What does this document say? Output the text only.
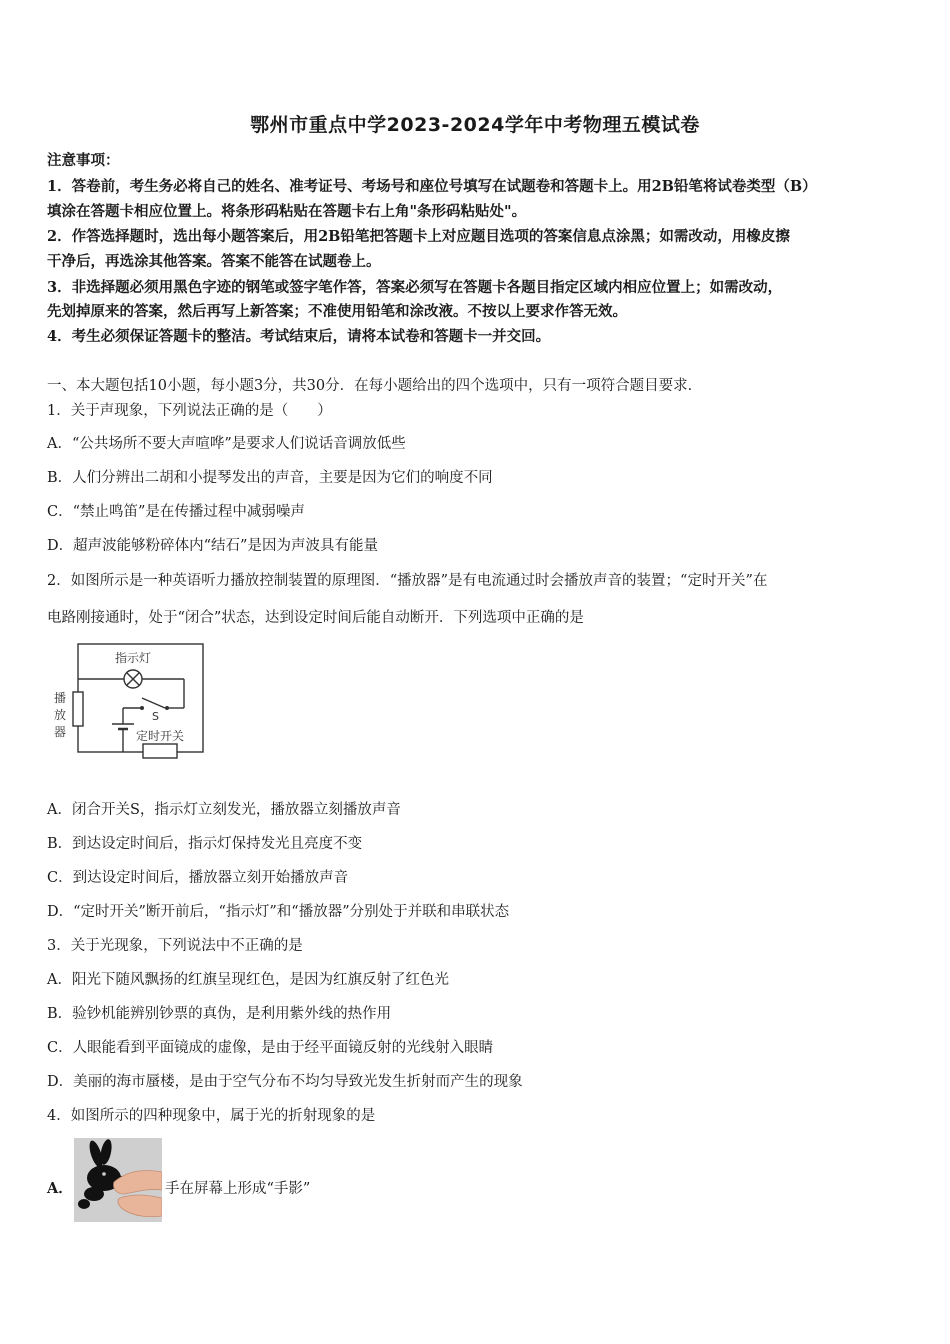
鄂州市重点中学2023-2024学年中考物理五模试卷
注意事项：
1．答卷前，考生务必将自己的姓名、准考证号、考场号和座位号填写在试题卷和答题卡上。用2B铅笔将试卷类型（B）
填涂在答题卡相应位置上。将条形码粘贴在答题卡右上角"条形码粘贴处"。
2．作答选择题时，选出每小题答案后，用2B铅笔把答题卡上对应题目选项的答案信息点涂黑；如需改动，用橡皮擦
干净后，再选涂其他答案。答案不能答在试题卷上。
3．非选择题必须用黑色字迹的钢笔或签字笔作答，答案必须写在答题卡各题目指定区域内相应位置上；如需改动，
先划掉原来的答案，然后再写上新答案；不准使用铅笔和涂改液。不按以上要求作答无效。
4．考生必须保证答题卡的整洁。考试结束后，请将本试卷和答题卡一并交回。
一、本大题包括10小题，每小题3分，共30分．在每小题给出的四个选项中，只有一项符合题目要求．
1．关于声现象，下列说法正确的是（　　）
A．“公共场所不要大声喧哗”是要求人们说话音调放低些
B．人们分辨出二胡和小提琴发出的声音，主要是因为它们的响度不同
C．“禁止鸣笛”是在传播过程中减弱噪声
D．超声波能够粉碎体内“结石”是因为声波具有能量
2．如图所示是一种英语听力播放控制装置的原理图．“播放器”是有电流通过时会播放声音的装置；“定时开关”在
电路刚接通时，处于“闭合”状态，达到设定时间后能自动断开．下列选项中正确的是
指示灯
播
放
器
S
定时开关
A．闭合开关S，指示灯立刻发光，播放器立刻播放声音
B．到达设定时间后，指示灯保持发光且亮度不变
C．到达设定时间后，播放器立刻开始播放声音
D．“定时开关”断开前后，“指示灯”和“播放器”分别处于并联和串联状态
3．关于光现象，下列说法中不正确的是
A．阳光下随风飘扬的红旗呈现红色，是因为红旗反射了红色光
B．验钞机能辨别钞票的真伪，是利用紫外线的热作用
C．人眼能看到平面镜成的虚像，是由于经平面镜反射的光线射入眼睛
D．美丽的海市蜃楼，是由于空气分布不均匀导致光发生折射而产生的现象
4．如图所示的四种现象中，属于光的折射现象的是
A．	手在屏幕上形成“手影”
